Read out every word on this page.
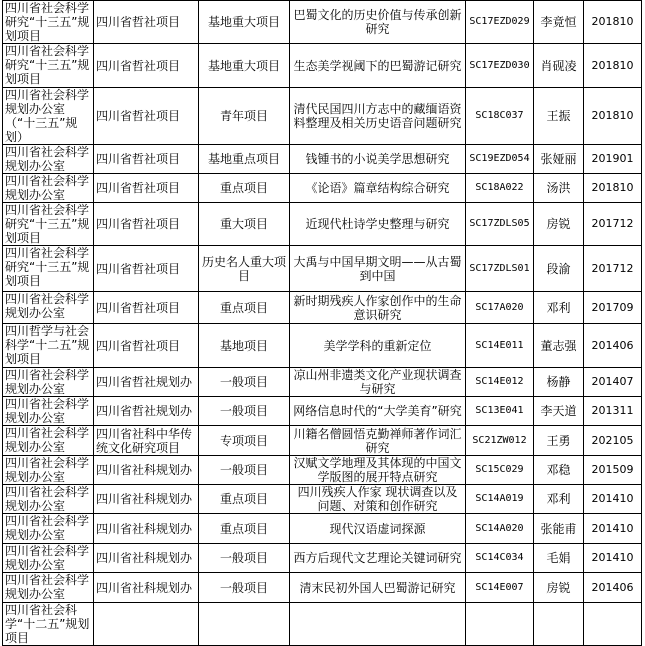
四川省社会科学研究“十三五”规划项目	四川省哲社项目	基地重大项目	巴蜀文化的历史价值与传承创新研究	SC17EZD029	李竟恒	201810
四川省社会科学研究“十三五”规划项目	四川省哲社项目	基地重大项目	生态美学视阈下的巴蜀游记研究	SC17EZD030	肖砚凌	201810
四川省社会科学规划办公室（“十三五”规划）	四川省哲社项目	青年项目	清代民国四川方志中的藏缅语资料整理及相关历史语音问题研究	SC18C037	王振	201810
四川省社会科学规划办公室	四川省哲社项目	基地重点项目	钱锺书的小说美学思想研究	SC19EZD054	张娅丽	201901
四川省社会科学规划办公室	四川省哲社项目	重点项目	《论语》篇章结构综合研究	SC18A022	汤洪	201810
四川省社会科学研究“十三五”规划项目	四川省哲社项目	重大项目	近现代杜诗学史整理与研究	SC17ZDLS05	房锐	201712
四川省社会科学研究“十三五”规划项目	四川省哲社项目	历史名人重大项目	大禹与中国早期文明——从古蜀到中国	SC17ZDLS01	段渝	201712
四川省社会科学规划办公室	四川省哲社项目	重点项目	新时期残疾人作家创作中的生命意识研究	SC17A020	邓利	201709
四川哲学与社会科学“十二五”规划项目	四川省哲社项目	基地项目	美学学科的重新定位	SC14E011	董志强	201406
四川省社会科学规划办公室	四川省哲社规划办	一般项目	凉山州非遗类文化产业现状调查与研究	SC14E012	杨静	201407
四川省社会科学规划办公室	四川省哲社规划办	一般项目	网络信息时代的“大学美育”研究	SC13E041	李天道	201311
四川省社会科学规划办公室	四川省社科中华传统文化研究项目	专项项目	川籍名僧圆悟克勤禅师著作词汇研究	SC21ZW012	王勇	202105
四川省社会科学规划办公室	四川省社科规划办	一般项目	汉赋文学地理及其体现的中国文学版图的展开特点研究	SC15C029	邓稳	201509
四川省社会科学规划办公室	四川省社科规划办	重点项目	四川残疾人作家 现状调查以及问题、对策和创作研究	SC14A019	邓利	201410
四川省社会科学规划办公室	四川省社科规划办	重点项目	现代汉语虚词探源	SC14A020	张能甫	201410
四川省社会科学规划办公室	四川省社科规划办	一般项目	西方后现代文艺理论关键词研究	SC14C034	毛娟	201410
四川省社会科学规划办公室	四川省社科规划办	一般项目	清末民初外国人巴蜀游记研究	SC14E007	房锐	201406
四川省社会科学“十二五”规划项目						
